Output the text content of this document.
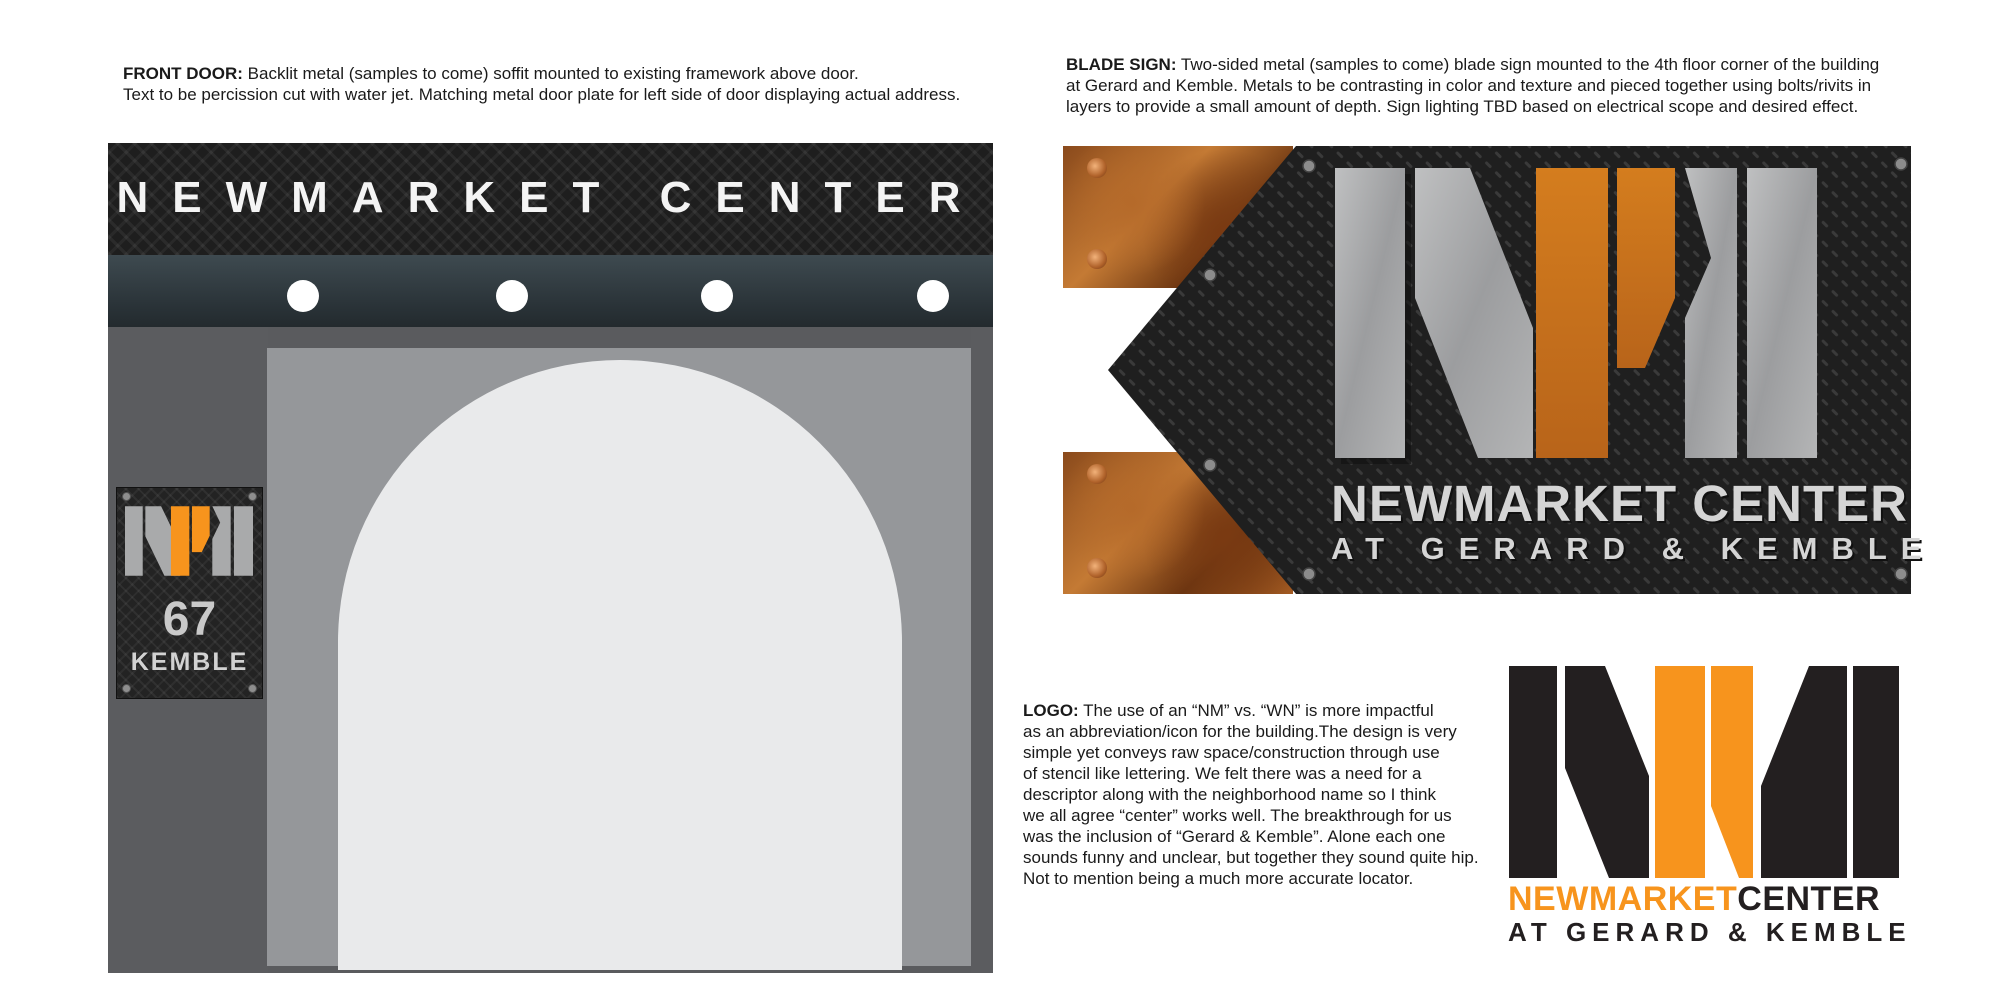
FRONT DOOR: Backlit metal (samples to come) soffit mounted to existing framework above door.
Text to be percission cut with water jet. Matching metal door plate for left side of door displaying actual address.
NEWMARKET CENTER
67
KEMBLE
BLADE SIGN: Two-sided metal (samples to come) blade sign mounted to the 4th floor corner of the building
at Gerard and Kemble. Metals to be contrasting in color and texture and pieced together using bolts/rivits in
layers to provide a small amount of depth. Sign lighting TBD based on electrical scope and desired effect.
NEWMARKET CENTER
AT GERARD & KEMBLE
LOGO: The use of an “NM” vs. “WN” is more impactful
as an abbreviation/icon for the building.The design is very
simple yet conveys raw space/construction through use
of stencil like lettering. We felt there was a need for a
descriptor along with the neighborhood name so I think
we all agree “center” works well. The breakthrough for us
was the inclusion of “Gerard & Kemble”. Alone each one
sounds funny and unclear, but together they sound quite hip.
Not to mention being a much more accurate locator.
NEWMARKETCENTER
AT GERARD & KEMBLE
